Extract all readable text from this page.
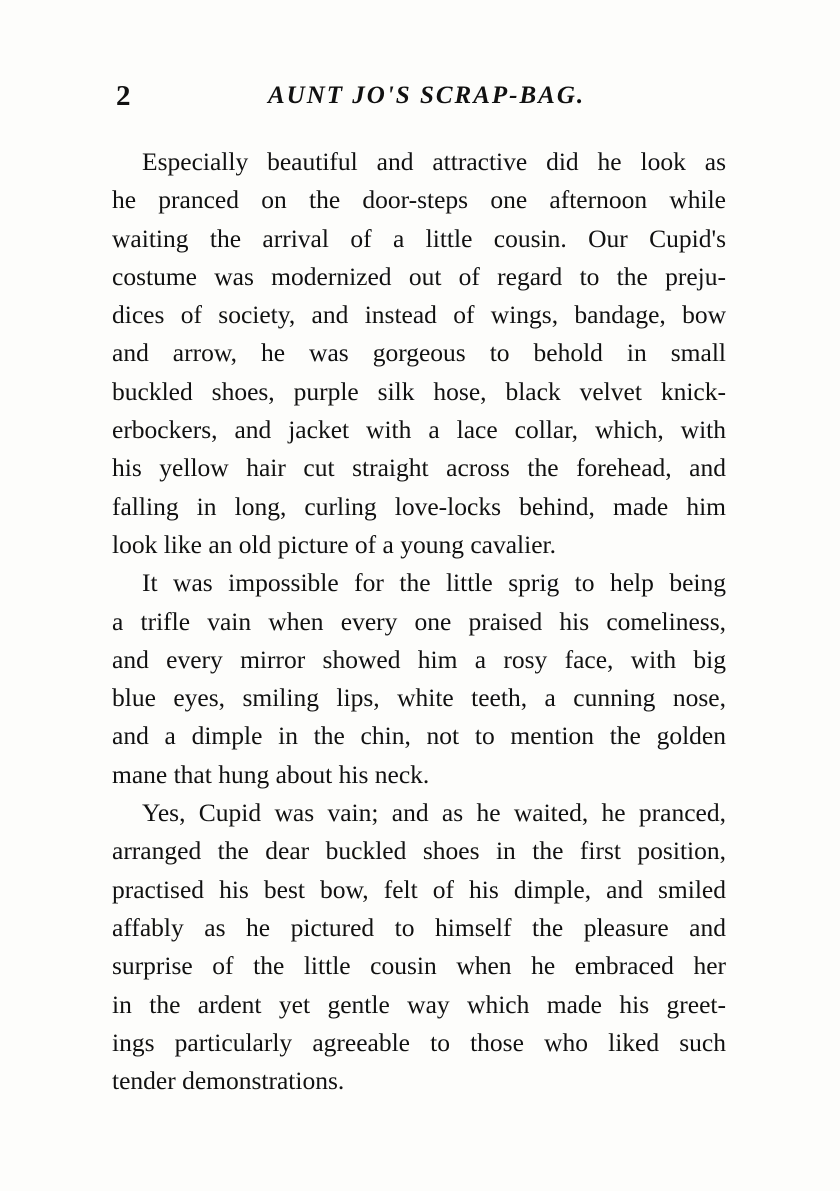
2	AUNT JO'S SCRAP-BAG.

Especially beautiful and attractive did he look as
he pranced on the door-steps one afternoon while
waiting the arrival of a little cousin. Our Cupid's
costume was modernized out of regard to the preju-
dices of society, and instead of wings, bandage, bow
and arrow, he was gorgeous to behold in small
buckled shoes, purple silk hose, black velvet knick-
erbockers, and jacket with a lace collar, which, with
his yellow hair cut straight across the forehead, and
falling in long, curling love-locks behind, made him
look like an old picture of a young cavalier.

It was impossible for the little sprig to help being
a trifle vain when every one praised his comeliness,
and every mirror showed him a rosy face, with big
blue eyes, smiling lips, white teeth, a cunning nose,
and a dimple in the chin, not to mention the golden
mane that hung about his neck.

Yes, Cupid was vain; and as he waited, he pranced,
arranged the dear buckled shoes in the first position,
practised his best bow, felt of his dimple, and smiled
affably as he pictured to himself the pleasure and
surprise of the little cousin when he embraced her
in the ardent yet gentle way which made his greet-
ings particularly agreeable to those who liked such
tender demonstrations.
